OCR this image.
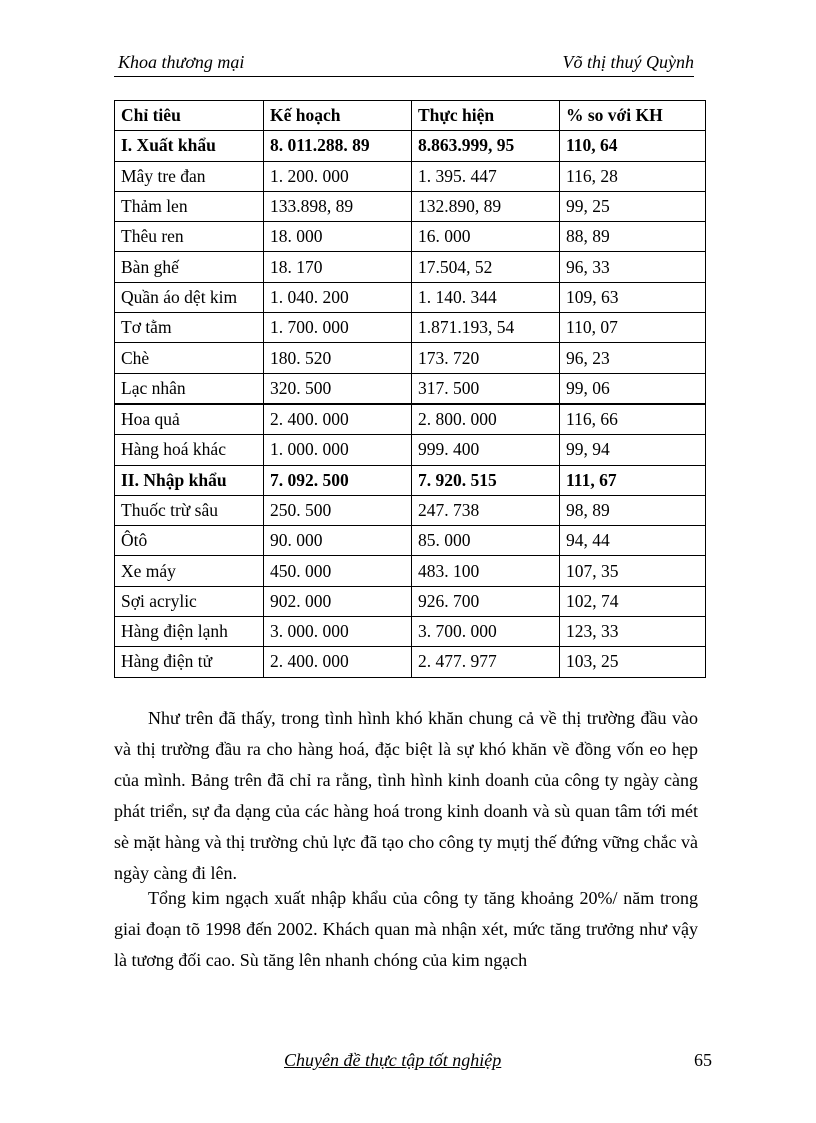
Khoa thương mại	Võ thị thuý Quỳnh
Chỉ tiêu	Kế hoạch	Thực hiện	% so với KH
I. Xuất khẩu	8. 011.288. 89	8.863.999, 95	110, 64
Mây tre đan	1. 200. 000	1. 395. 447	116, 28
Thảm len	133.898, 89	132.890, 89	99, 25
Thêu ren	18. 000	16. 000	88, 89
Bàn ghế	18. 170	17.504, 52	96, 33
Quần áo dệt kim	1. 040. 200	1. 140. 344	109, 63
Tơ tằm	1. 700. 000	1.871.193, 54	110, 07
Chè	180. 520	173. 720	96, 23
Lạc nhân	320. 500	317. 500	99, 06
Hoa quả	2. 400. 000	2. 800. 000	116, 66
Hàng hoá khác	1. 000. 000	999. 400	99, 94
II. Nhập khẩu	7. 092. 500	7. 920. 515	111, 67
Thuốc trừ sâu	250. 500	247. 738	98, 89
Ôtô	90. 000	85. 000	94, 44
Xe máy	450. 000	483. 100	107, 35
Sợi acrylic	902. 000	926. 700	102, 74
Hàng điện lạnh	3. 000. 000	3. 700. 000	123, 33
Hàng điện tử	2. 400. 000	2. 477. 977	103, 25

Như trên đã thấy, trong tình hình khó khăn chung cả về thị trường đầu vào và thị trường đầu ra cho hàng hoá, đặc biệt là sự khó khăn về đồng vốn eo hẹp của mình. Bảng trên đã chỉ ra rằng, tình hình kinh doanh của công ty ngày càng phát triển, sự đa dạng của các hàng hoá trong kinh doanh và sù quan tâm tới mét sè mặt hàng và thị trường chủ lực đã tạo cho công ty mụtj thế đứng vững chắc và ngày càng đi lên.

Tổng kim ngạch xuất nhập khẩu của công ty tăng khoảng 20%/ năm trong giai đoạn tõ 1998 đến 2002. Khách quan mà nhận xét, mức tăng trưởng như vậy là tương đối cao. Sù tăng lên nhanh chóng của kim ngạch

Chuyên đề thực tập tốt nghiệp	65
